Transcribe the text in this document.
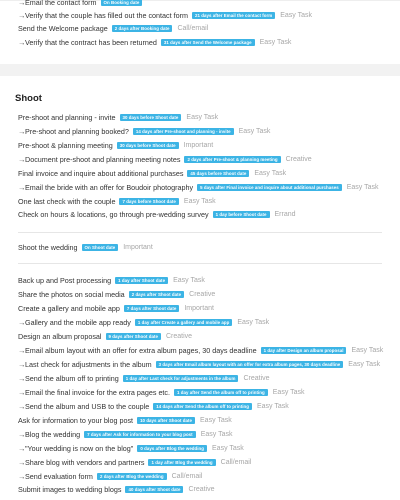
→ Email the contact form	On Booking date
→ Verify that the couple has filled out the contact form	21 days after Email the contact form	Easy Task
Send the Welcome package	2 days after Booking date	Call/email
→ Verify that the contract has been returned	31 days after Send the Welcome package	Easy Task
Shoot
Pre-shoot and planning - invite	30 days before Shoot date	Easy Task
→ Pre-shoot and planning booked?	14 days after Pre-shoot and planning - invite	Easy Task
Pre-shoot & planning meeting	30 days before Shoot date	Important
→ Document pre-shoot and planning meeting notes	2 days after Pre-shoot & planning meeting	Creative
Final invoice and inquire about additional purchases	45 days before Shoot date	Easy Task
→ Email the bride with an offer for Boudoir photography	5 days after Final invoice and inquire about additional purchases	Easy Task
One last check with the couple	7 days before Shoot date	Easy Task
Check on hours & locations, go through pre-wedding survey	1 day before Shoot date	Errand
Shoot the wedding	On Shoot date	Important
Back up and Post processing	1 day after Shoot date	Easy Task
Share the photos on social media	2 days after Shoot date	Creative
Create a gallery and mobile app	7 days after Shoot date	Important
→ Gallery and the mobile app ready	1 day after Create a gallery and mobile app	Easy Task
Design an album proposal	9 days after Shoot date	Creative
→ Email album layout with an offer for extra album pages, 30 days deadline	1 day after Design an album proposal	Easy Task
→ Last check for adjustments in the album	3 days after Email album layout with an offer for extra album pages, 30 days deadline	Easy Task
→ Send the album off to printing	1 day after Last check for adjustments in the album	Creative
→ Email the final invoice for the extra pages etc.	1 day after Send the album off to printing	Easy Task
→ Send the album and USB to the couple	14 days after Send the album off to printing	Easy Task
Ask for information to your blog post	10 days after Shoot date	Easy Task
→ Blog the wedding	7 days after Ask for information to your blog post	Easy Task
→ "Your wedding is now on the blog"	0 days after Blog the wedding	Easy Task
→ Share blog with vendors and partners	1 day after Blog the wedding	Call/email
→ Send evaluation form	2 days after Blog the wedding	Call/email
Submit images to wedding blogs	40 days after Shoot date	Creative
